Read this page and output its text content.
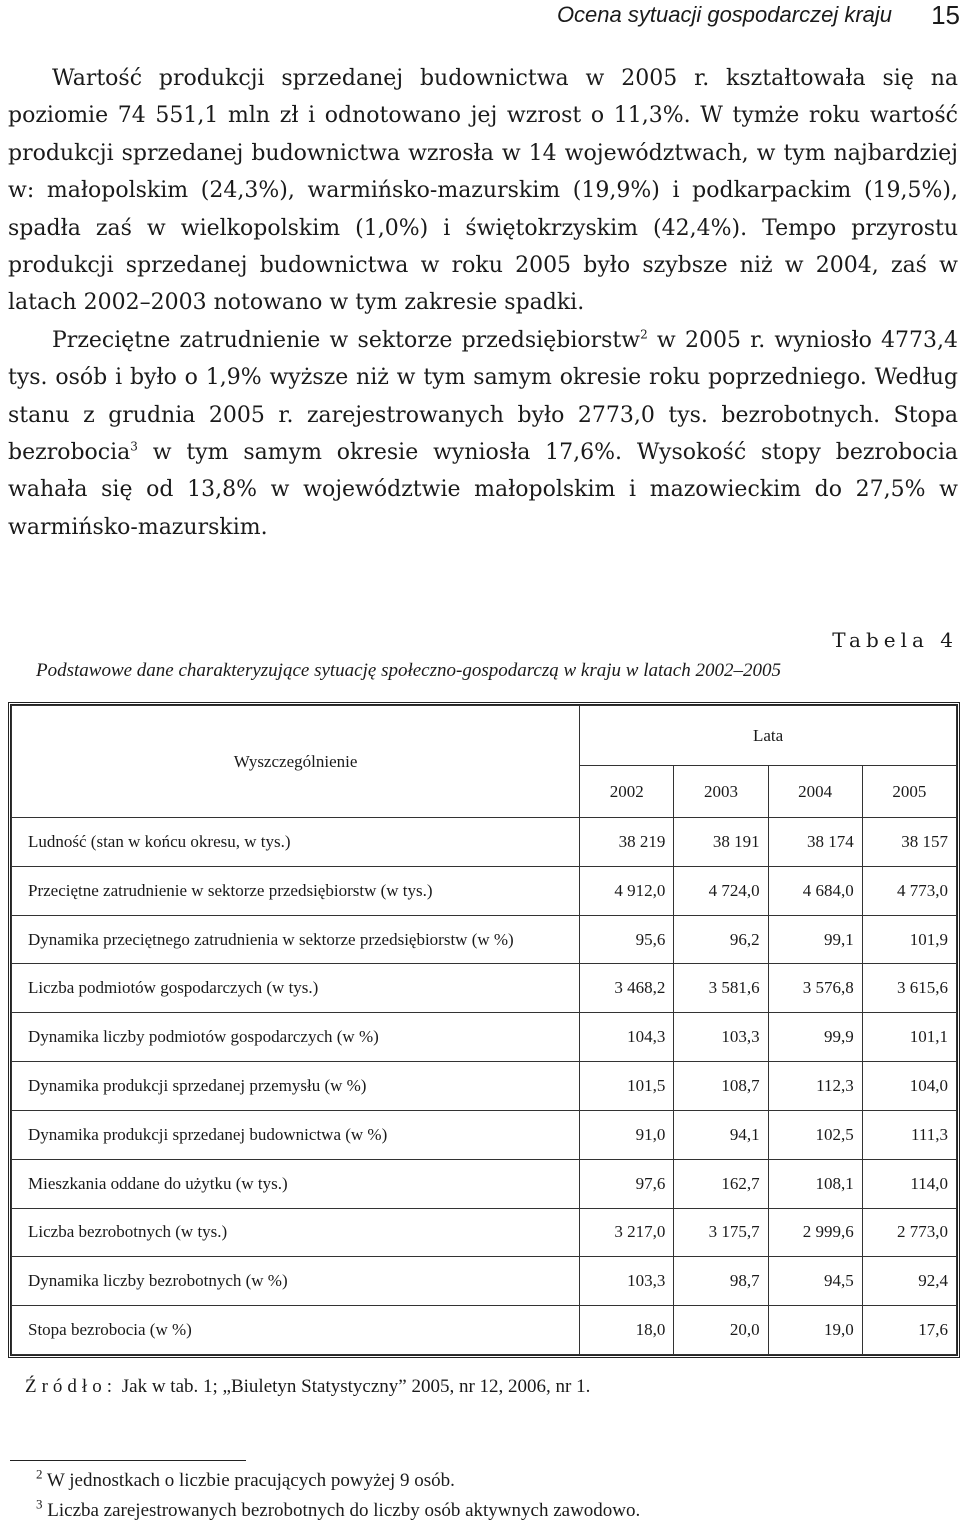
Ocena sytuacji gospodarczej kraju 15

Wartość produkcji sprzedanej budownictwa w 2005 r. kształtowała się na poziomie 74 551,1 mln zł i odnotowano jej wzrost o 11,3%. W tymże roku wartość produkcji sprzedanej budownictwa wzrosła w 14 województwach, w tym najbardziej w: małopolskim (24,3%), warmińsko-mazurskim (19,9%) i podkarpackim (19,5%), spadła zaś w wielkopolskim (1,0%) i świętokrzyskim (42,4%). Tempo przyrostu produkcji sprzedanej budownictwa w roku 2005 było szybsze niż w 2004, zaś w latach 2002–2003 notowano w tym zakresie spadki.

Przeciętne zatrudnienie w sektorze przedsiębiorstw$^2$ w 2005 r. wyniosło 4773,4 tys. osób i było o 1,9% wyższe niż w tym samym okresie roku poprzedniego. Według stanu z grudnia 2005 r. zarejestrowanych było 2773,0 tys. bezrobotnych. Stopa bezrobocia$^3$ w tym samym okresie wyniosła 17,6%. Wysokość stopy bezrobocia wahała się od 13,8% w województwie małopolskim i mazowieckim do 27,5% w warmińsko-mazurskim.

Tabela 4
Podstawowe dane charakteryzujące sytuację społeczno-gospodarczą w kraju w latach 2002–2005
Wyszczególnienie	Lata			
	2002	2003	2004	2005
Ludność (stan w końcu okresu, w tys.)	38 219	38 191	38 174	38 157
Przeciętne zatrudnienie w sektorze przedsiębiorstw (w tys.)	4 912,0	4 724,0	4 684,0	4 773,0
Dynamika przeciętnego zatrudnienia w sektorze przedsiębiorstw (w %)	95,6	96,2	99,1	101,9
Liczba podmiotów gospodarczych (w tys.)	3 468,2	3 581,6	3 576,8	3 615,6
Dynamika liczby podmiotów gospodarczych (w %)	104,3	103,3	99,9	101,1
Dynamika produkcji sprzedanej przemysłu (w %)	101,5	108,7	112,3	104,0
Dynamika produkcji sprzedanej budownictwa (w %)	91,0	94,1	102,5	111,3
Mieszkania oddane do użytku (w tys.)	97,6	162,7	108,1	114,0
Liczba bezrobotnych (w tys.)	3 217,0	3 175,7	2 999,6	2 773,0
Dynamika liczby bezrobotnych (w %)	103,3	98,7	94,5	92,4
Stopa bezrobocia (w %)	18,0	20,0	19,0	17,6
Źródło: Jak w tab. 1; „Biuletyn Statystyczny” 2005, nr 12, 2006, nr 1.
$^2$ W jednostkach o liczbie pracujących powyżej 9 osób.
$^3$ Liczba zarejestrowanych bezrobotnych do liczby osób aktywnych zawodowo.
